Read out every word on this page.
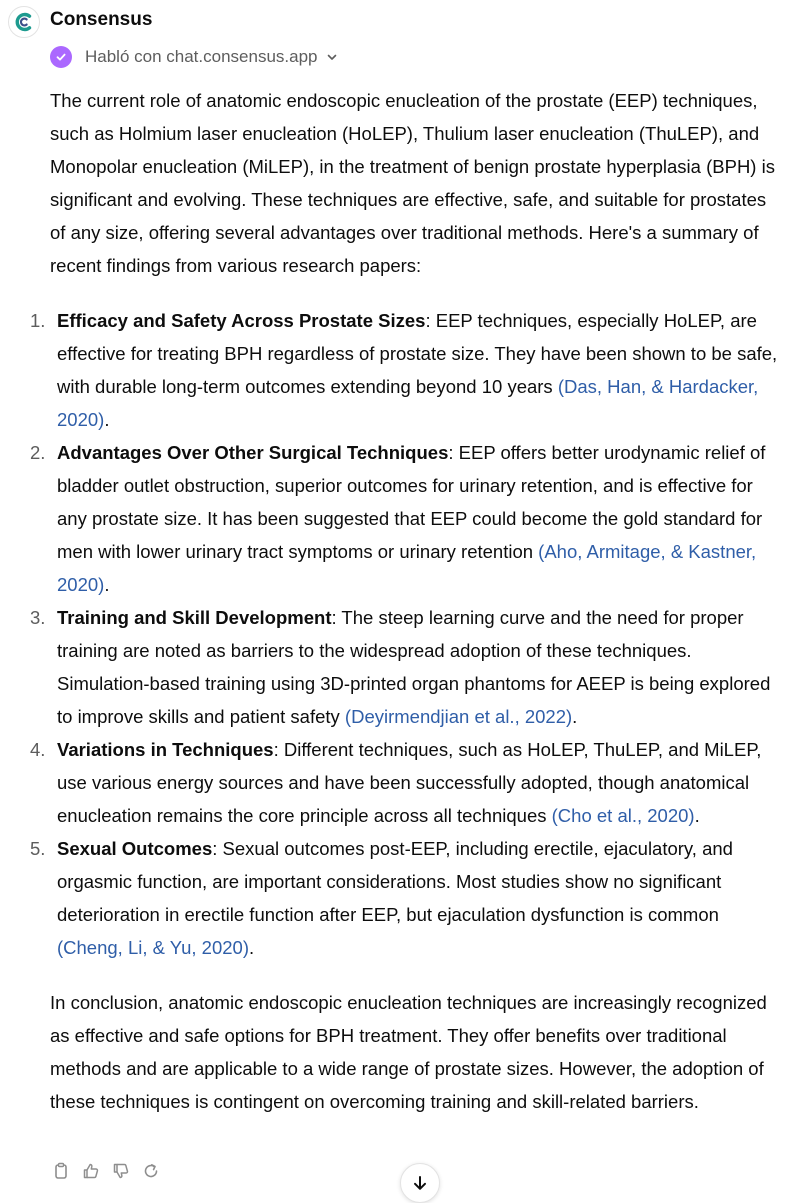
Consensus
Habló con chat.consensus.app

The current role of anatomic endoscopic enucleation of the prostate (EEP) techniques, such as Holmium laser enucleation (HoLEP), Thulium laser enucleation (ThuLEP), and Monopolar enucleation (MiLEP), in the treatment of benign prostate hyperplasia (BPH) is significant and evolving. These techniques are effective, safe, and suitable for prostates of any size, offering several advantages over traditional methods. Here's a summary of recent findings from various research papers:

1. Efficacy and Safety Across Prostate Sizes: EEP techniques, especially HoLEP, are effective for treating BPH regardless of prostate size. They have been shown to be safe, with durable long-term outcomes extending beyond 10 years (Das, Han, & Hardacker, 2020).
2. Advantages Over Other Surgical Techniques: EEP offers better urodynamic relief of bladder outlet obstruction, superior outcomes for urinary retention, and is effective for any prostate size. It has been suggested that EEP could become the gold standard for men with lower urinary tract symptoms or urinary retention (Aho, Armitage, & Kastner, 2020).
3. Training and Skill Development: The steep learning curve and the need for proper training are noted as barriers to the widespread adoption of these techniques. Simulation-based training using 3D-printed organ phantoms for AEEP is being explored to improve skills and patient safety (Deyirmendjian et al., 2022).
4. Variations in Techniques: Different techniques, such as HoLEP, ThuLEP, and MiLEP, use various energy sources and have been successfully adopted, though anatomical enucleation remains the core principle across all techniques (Cho et al., 2020).
5. Sexual Outcomes: Sexual outcomes post-EEP, including erectile, ejaculatory, and orgasmic function, are important considerations. Most studies show no significant deterioration in erectile function after EEP, but ejaculation dysfunction is common (Cheng, Li, & Yu, 2020).

In conclusion, anatomic endoscopic enucleation techniques are increasingly recognized as effective and safe options for BPH treatment. They offer benefits over traditional methods and are applicable to a wide range of prostate sizes. However, the adoption of these techniques is contingent on overcoming training and skill-related barriers.
